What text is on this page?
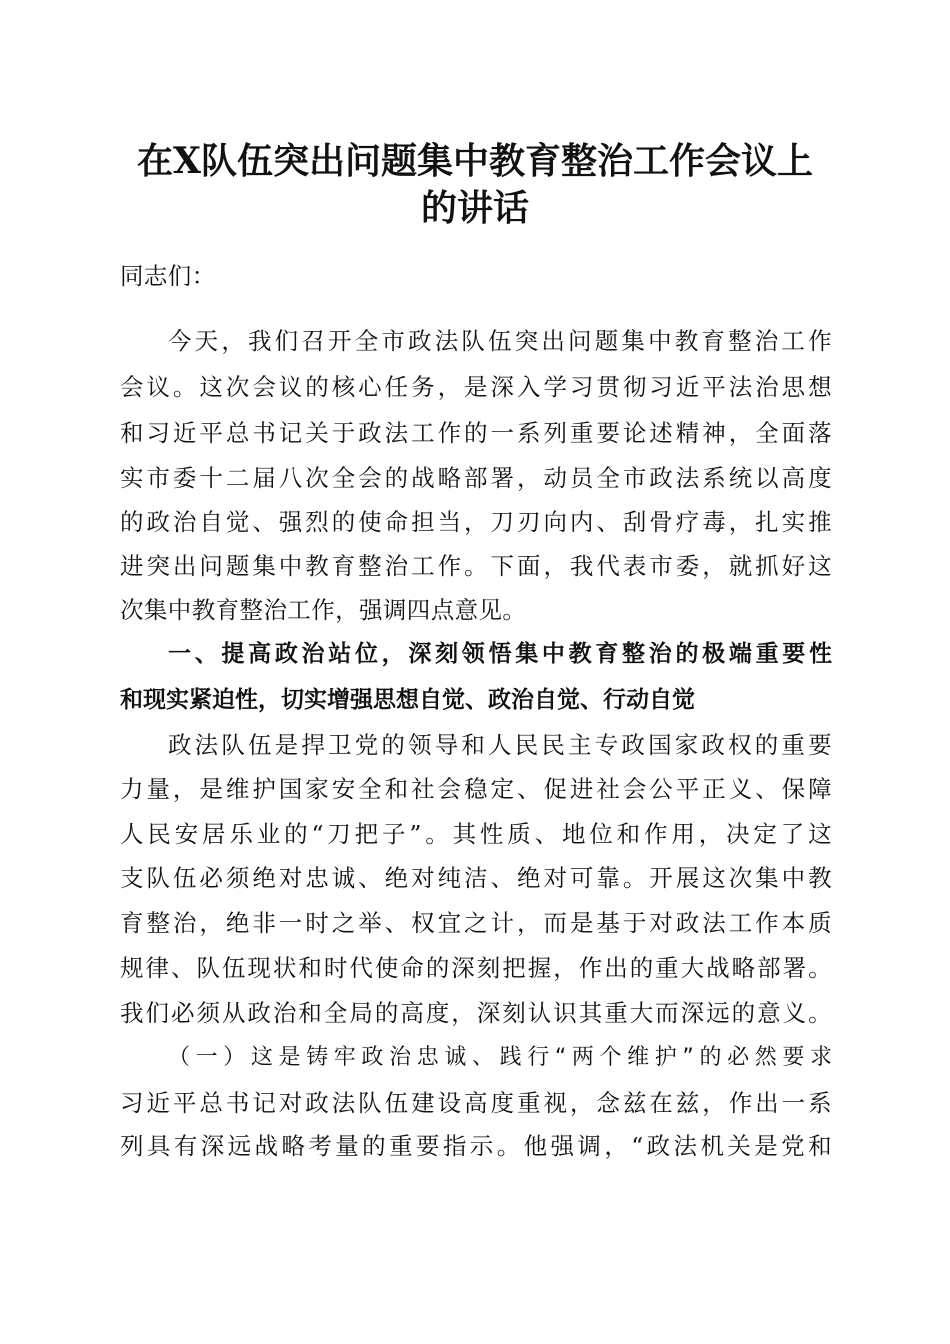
在X队伍突出问题集中教育整治工作会议上
的讲话
同志们：
今天，我们召开全市政法队伍突出问题集中教育整治工作
会议。这次会议的核心任务，是深入学习贯彻习近平法治思想
和习近平总书记关于政法工作的一系列重要论述精神，全面落
实市委十二届八次全会的战略部署，动员全市政法系统以高度
的政治自觉、强烈的使命担当，刀刃向内、刮骨疗毒，扎实推
进突出问题集中教育整治工作。下面，我代表市委，就抓好这
次集中教育整治工作，强调四点意见。
一、提高政治站位，深刻领悟集中教育整治的极端重要性
和现实紧迫性，切实增强思想自觉、政治自觉、行动自觉
政法队伍是捍卫党的领导和人民民主专政国家政权的重要
力量，是维护国家安全和社会稳定、促进社会公平正义、保障
人民安居乐业的“刀把子”。其性质、地位和作用，决定了这
支队伍必须绝对忠诚、绝对纯洁、绝对可靠。开展这次集中教
育整治，绝非一时之举、权宜之计，而是基于对政法工作本质
规律、队伍现状和时代使命的深刻把握，作出的重大战略部署。
我们必须从政治和全局的高度，深刻认识其重大而深远的意义。
（一）这是铸牢政治忠诚、践行“两个维护”的必然要求
习近平总书记对政法队伍建设高度重视，念兹在兹，作出一系
列具有深远战略考量的重要指示。他强调，“政法机关是党和
